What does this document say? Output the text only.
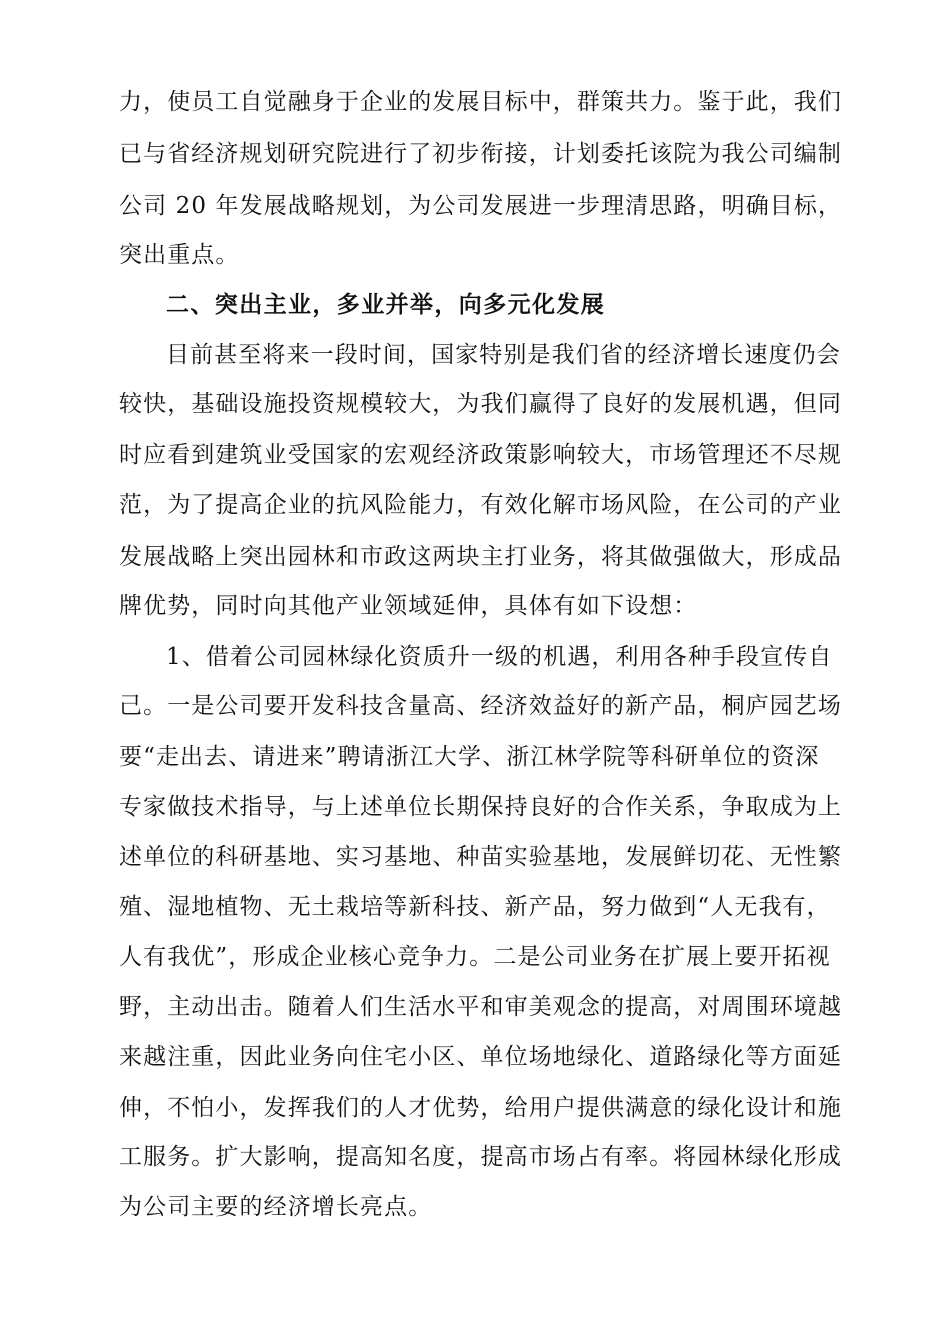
力，使员工自觉融身于企业的发展目标中，群策共力。鉴于此，我们
已与省经济规划研究院进行了初步衔接，计划委托该院为我公司编制
公司 20 年发展战略规划，为公司发展进一步理清思路，明确目标，
突出重点。
二、突出主业，多业并举，向多元化发展
目前甚至将来一段时间，国家特别是我们省的经济增长速度仍会
较快，基础设施投资规模较大，为我们赢得了良好的发展机遇，但同
时应看到建筑业受国家的宏观经济政策影响较大，市场管理还不尽规
范，为了提高企业的抗风险能力，有效化解市场风险，在公司的产业
发展战略上突出园林和市政这两块主打业务，将其做强做大，形成品
牌优势，同时向其他产业领域延伸，具体有如下设想：
1、借着公司园林绿化资质升一级的机遇，利用各种手段宣传自
己。一是公司要开发科技含量高、经济效益好的新产品，桐庐园艺场
要“走出去、请进来”聘请浙江大学、浙江林学院等科研单位的资深
专家做技术指导，与上述单位长期保持良好的合作关系，争取成为上
述单位的科研基地、实习基地、种苗实验基地，发展鲜切花、无性繁
殖、湿地植物、无土栽培等新科技、新产品，努力做到“人无我有，
人有我优”，形成企业核心竞争力。二是公司业务在扩展上要开拓视
野，主动出击。随着人们生活水平和审美观念的提高，对周围环境越
来越注重，因此业务向住宅小区、单位场地绿化、道路绿化等方面延
伸，不怕小，发挥我们的人才优势，给用户提供满意的绿化设计和施
工服务。扩大影响，提高知名度，提高市场占有率。将园林绿化形成
为公司主要的经济增长亮点。
